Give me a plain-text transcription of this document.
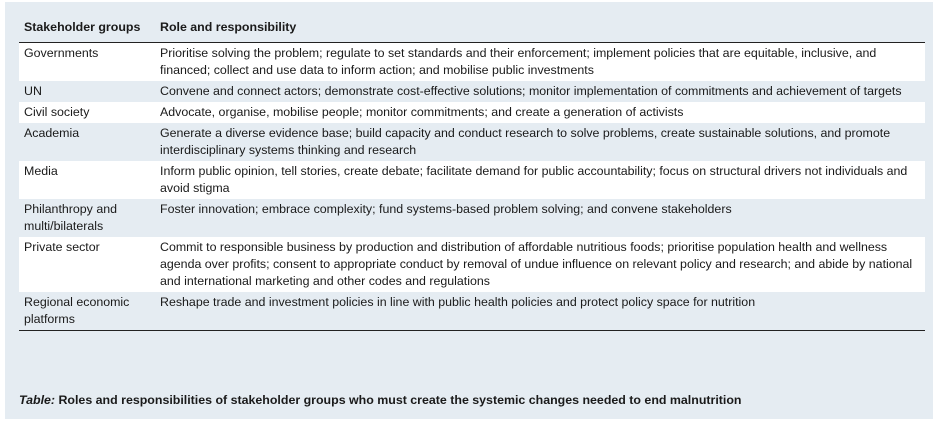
Stakeholder groups	Role and responsibility
Governments	Prioritise solving the problem; regulate to set standards and their enforcement; implement policies that are equitable, inclusive, and financed; collect and use data to inform action; and mobilise public investments
UN	Convene and connect actors; demonstrate cost-effective solutions; monitor implementation of commitments and achievement of targets
Civil society	Advocate, organise, mobilise people; monitor commitments; and create a generation of activists
Academia	Generate a diverse evidence base; build capacity and conduct research to solve problems, create sustainable solutions, and promote interdisciplinary systems thinking and research
Media	Inform public opinion, tell stories, create debate; facilitate demand for public accountability; focus on structural drivers not individuals and avoid stigma
Philanthropy and multi/bilaterals	Foster innovation; embrace complexity; fund systems-based problem solving; and convene stakeholders
Private sector	Commit to responsible business by production and distribution of affordable nutritious foods; prioritise population health and wellness agenda over profits; consent to appropriate conduct by removal of undue influence on relevant policy and research; and abide by national and international marketing and other codes and regulations
Regional economic platforms	Reshape trade and investment policies in line with public health policies and protect policy space for nutrition
Table: Roles and responsibilities of stakeholder groups who must create the systemic changes needed to end malnutrition
